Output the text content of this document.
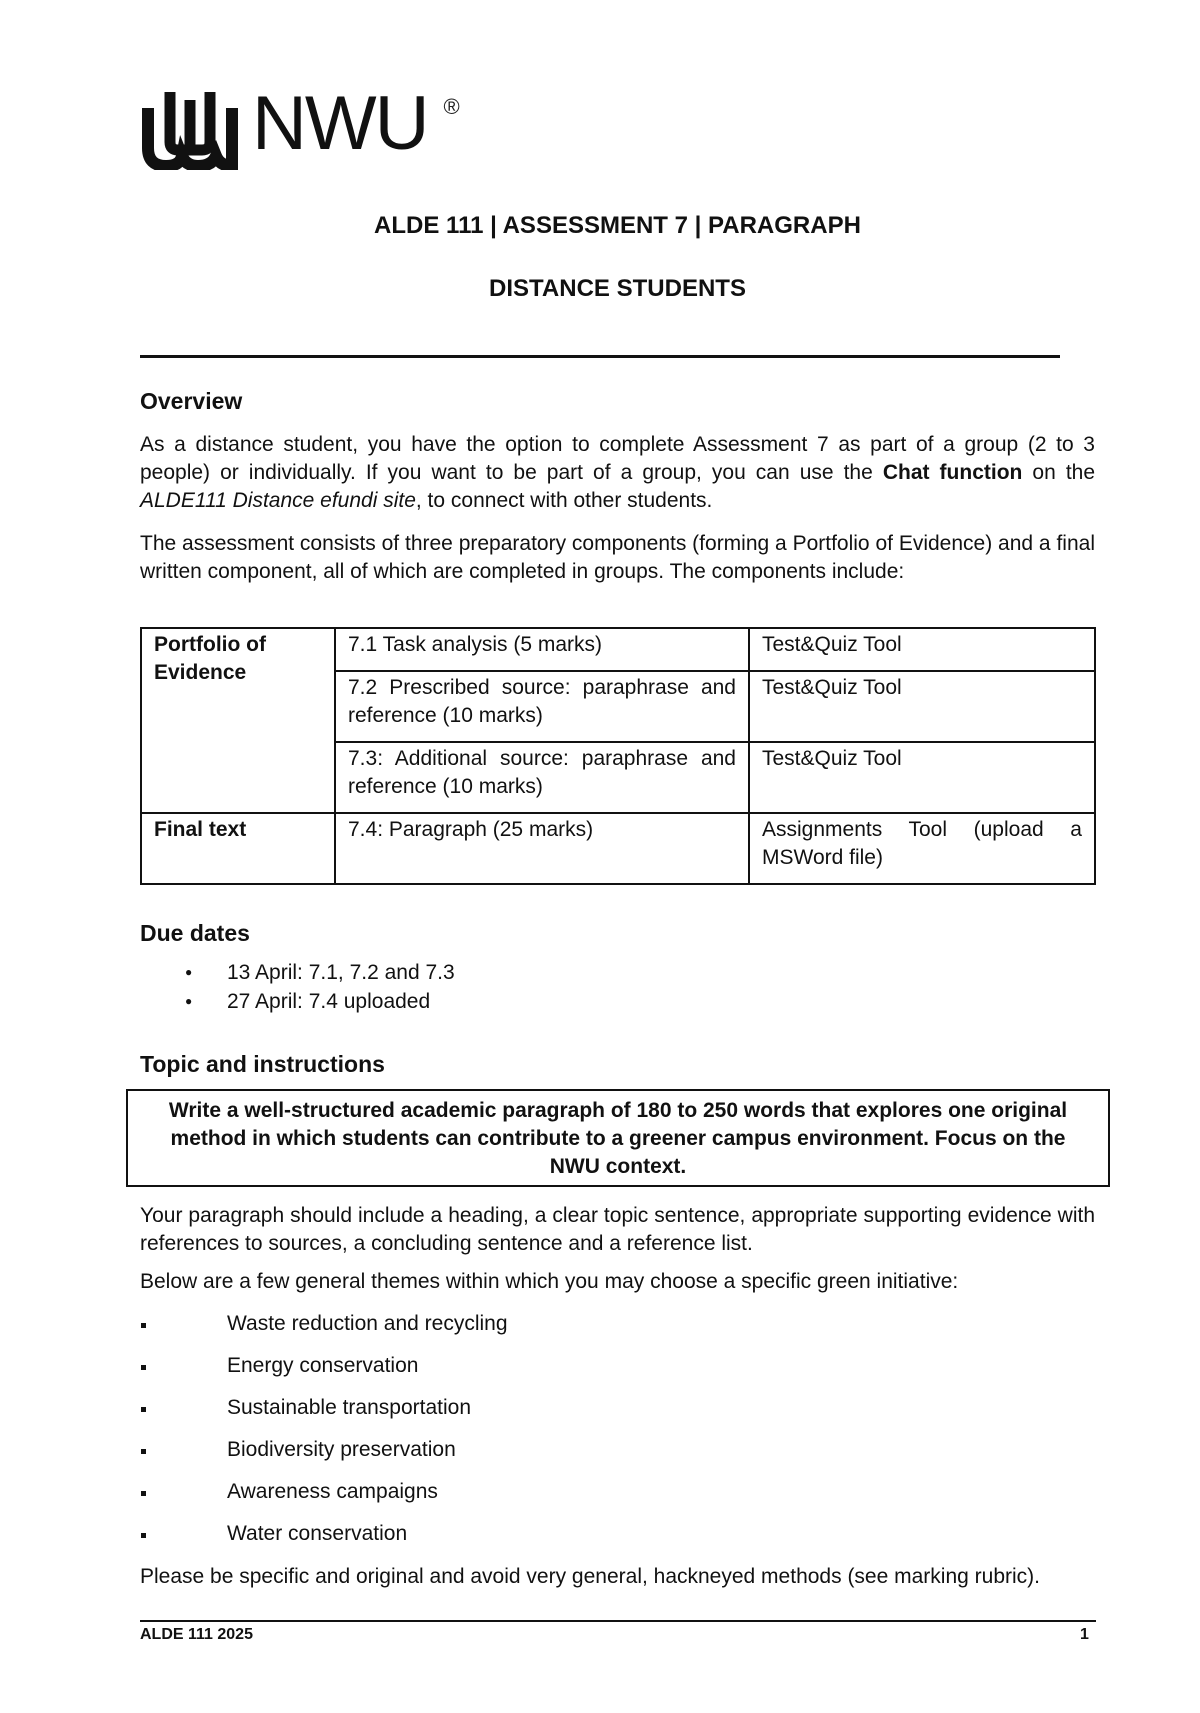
NWU ®
ALDE 111 | ASSESSMENT 7 | PARAGRAPH
DISTANCE STUDENTS
Overview

As a distance student, you have the option to complete Assessment 7 as part of a group (2 to 3 people) or individually. If you want to be part of a group, you can use the Chat function on the ALDE111 Distance efundi site, to connect with other students.

The assessment consists of three preparatory components (forming a Portfolio of Evidence) and a final written component, all of which are completed in groups. The components include:

Portfolio of Evidence	7.1 Task analysis (5 marks)	Test&Quiz Tool
	7.2 Prescribed source: paraphrase and reference (10 marks)	Test&Quiz Tool
	7.3: Additional source: paraphrase and reference (10 marks)	Test&Quiz Tool
Final text	7.4: Paragraph (25 marks)	Assignments Tool (upload a MSWord file)
Due dates
● 13 April: 7.1, 7.2 and 7.3
● 27 April: 7.4 uploaded
Topic and instructions
Write a well-structured academic paragraph of 180 to 250 words that explores one original method in which students can contribute to a greener campus environment. Focus on the NWU context.

Your paragraph should include a heading, a clear topic sentence, appropriate supporting evidence with references to sources, a concluding sentence and a reference list.

Below are a few general themes within which you may choose a specific green initiative:

Waste reduction and recycling
Energy conservation
Sustainable transportation
Biodiversity preservation
Awareness campaigns
Water conservation

Please be specific and original and avoid very general, hackneyed methods (see marking rubric).

ALDE 111 2025	1
